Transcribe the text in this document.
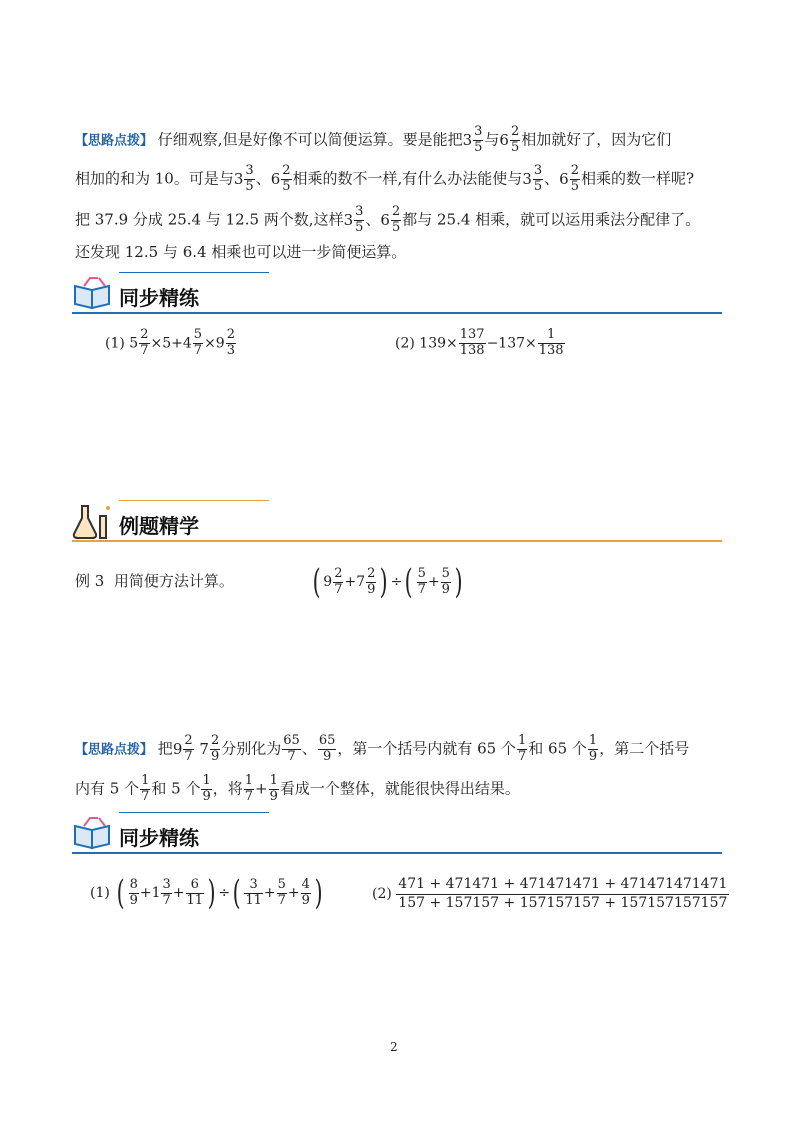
【思路点拨】 仔细观察,但是好像不可以简便运算。要是能把$3 \frac{3}{5}$ 与$6 \frac{2}{5}$ 相加就好了，因为它们
相加的和为 10。可是与$3 \frac{3}{5}$ 、$6 \frac{2}{5}$ 相乘的数不一样,有什么办法能使与$3 \frac{3}{5}$ 、$6 \frac{2}{5}$ 相乘的数一样呢?
把 37.9 分成 25.4 与 12.5 两个数,这样$3 \frac{3}{5}$ 、$6 \frac{2}{5}$ 都与 25.4 相乘，就可以运用乘法分配律了。
还发现 12.5 与 6.4 相乘也可以进一步简便运算。
同步精练
(1) $5 \frac{2}{7} \times 5+4 \frac{5}{7} \times 9 \frac{2}{3}$	(2) $139\times \frac{137}{138} -137\times \frac{1}{138}$
例题精学
例 3 用简便方法计算。 ( $9 \frac{2}{7} +7 \frac{2}{9}$ ) ÷( $\frac{5}{7} + \frac{5}{9}$ )
【思路点拨】 把$9 \frac{2}{7} 7 \frac{2}{9}$ 分别化为 $\frac{65}{7}$ 、 $\frac{65}{9}$ ，第一个括号内就有 65 个 $\frac{1}{7}$ 和 65 个 $\frac{1}{9}$ ，第二个括号
内有 5 个 $\frac{1}{7}$ 和 5 个 $\frac{1}{9}$ ，将 $\frac{1}{7} + \frac{1}{9}$ 看成一个整体，就能很快得出结果。
同步精练
(1) ( $\frac{8}{9} +1 \frac{3}{7} + \frac{6}{11}$ ) ÷( $\frac{3}{11} + \frac{5}{7} + \frac{4}{9}$ )	$(2) \frac{471 + 471471 + 471471471 + 471471471471}{157 + 157157 + 157157157 + 157157157157}$
2
